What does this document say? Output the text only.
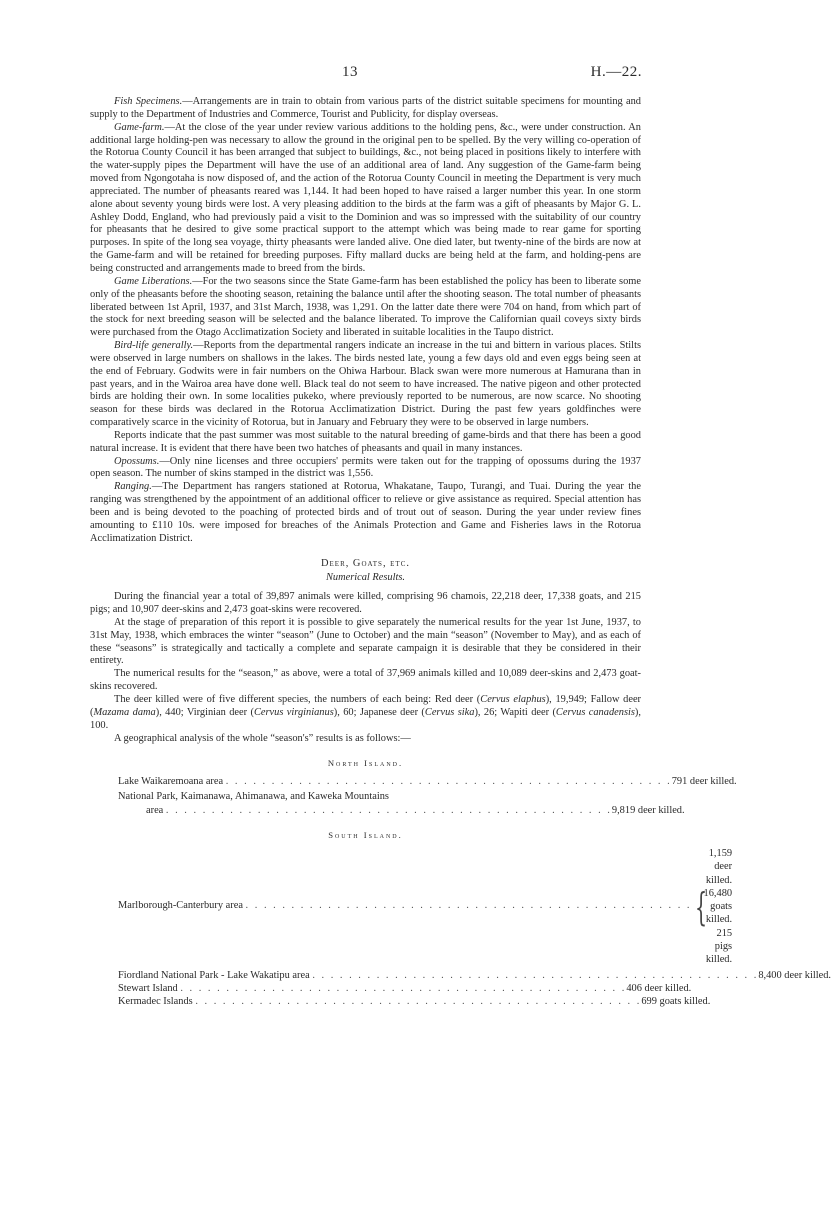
13	H.—22.

Fish Specimens.—Arrangements are in train to obtain from various parts of the district suitable specimens for mounting and supply to the Department of Industries and Commerce, Tourist and Publicity, for display overseas.

Game-farm.—At the close of the year under review various additions to the holding pens, &c., were under construction. An additional large holding-pen was necessary to allow the ground in the original pen to be spelled. By the very willing co-operation of the Rotorua County Council it has been arranged that subject to buildings, &c., not being placed in positions likely to interfere with the water-supply pipes the Department will have the use of an additional area of land. Any suggestion of the Game-farm being moved from Ngongotaha is now disposed of, and the action of the Rotorua County Council in meeting the Department is very much appreciated. The number of pheasants reared was 1,144. It had been hoped to have raised a larger number this year. In one storm alone about seventy young birds were lost. A very pleasing addition to the birds at the farm was a gift of pheasants by Major G. L. Ashley Dodd, England, who had previously paid a visit to the Dominion and was so impressed with the suitability of our country for pheasants that he desired to give some practical support to the attempt which was being made to rear game for sporting purposes. In spite of the long sea voyage, thirty pheasants were landed alive. One died later, but twenty-nine of the birds are now at the Game-farm and will be retained for breeding purposes. Fifty mallard ducks are being held at the farm, and holding-pens are being constructed and arrangements made to breed from the birds.

Game Liberations.—For the two seasons since the State Game-farm has been established the policy has been to liberate some only of the pheasants before the shooting season, retaining the balance until after the shooting season. The total number of pheasants liberated between 1st April, 1937, and 31st March, 1938, was 1,291. On the latter date there were 704 on hand, from which part of the stock for next breeding season will be selected and the balance liberated. To improve the Californian quail coveys sixty birds were purchased from the Otago Acclimatization Society and liberated in suitable localities in the Taupo district.

Bird-life generally.—Reports from the departmental rangers indicate an increase in the tui and bittern in various places. Stilts were observed in large numbers on shallows in the lakes. The birds nested late, young a few days old and even eggs being seen at the end of February. Godwits were in fair numbers on the Ohiwa Harbour. Black swan were more numerous at Hamurana than in past years, and in the Wairoa area have done well. Black teal do not seem to have increased. The native pigeon and other protected birds are holding their own. In some localities pukeko, where previously reported to be numerous, are now scarce. No shooting season for these birds was declared in the Rotorua Acclimatization District. During the past few years goldfinches were comparatively scarce in the vicinity of Rotorua, but in January and February they were to be observed in large numbers.

Reports indicate that the past summer was most suitable to the natural breeding of game-birds and that there has been a good natural increase. It is evident that there have been two hatches of pheasants and quail in many instances.

Opossums.—Only nine licenses and three occupiers' permits were taken out for the trapping of opossums during the 1937 open season. The number of skins stamped in the district was 1,556.

Ranging.—The Department has rangers stationed at Rotorua, Whakatane, Taupo, Turangi, and Tuai. During the year the ranging was strengthened by the appointment of an additional officer to relieve or give assistance as required. Special attention has been and is being devoted to the poaching of protected birds and of trout out of season. During the year under review fines amounting to £110 10s. were imposed for breaches of the Animals Protection and Game and Fisheries laws in the Rotorua Acclimatization District.

Deer, Goats, etc.
Numerical Results.

During the financial year a total of 39,897 animals were killed, comprising 96 chamois, 22,218 deer, 17,338 goats, and 215 pigs; and 10,907 deer-skins and 2,473 goat-skins were recovered.

At the stage of preparation of this report it is possible to give separately the numerical results for the year 1st June, 1937, to 31st May, 1938, which embraces the winter “season” (June to October) and the main “season” (November to May), and as each of these “seasons” is strategically and tactically a complete and separate campaign it is desirable that they be considered in their entirety.

The numerical results for the “season,” as above, were a total of 37,969 animals killed and 10,089 deer-skins and 2,473 goat-skins recovered.

The deer killed were of five different species, the numbers of each being: Red deer (Cervus elaphus), 19,949; Fallow deer (Mazama dama), 440; Virginian deer (Cervus virginianus), 60; Japanese deer (Cervus sika), 26; Wapiti deer (Cervus canadensis), 100.

A geographical analysis of the whole “season's” results is as follows:—

North Island.
Lake Waikaremoana area . . . . . . . . . . . . . . . . . . . . . . . . . . . . . . . . . . . . . . . . . . . . . . . . . 791 deer killed.
National Park, Kaimanawa, Ahimanawa, and Kaweka Mountains
area . . . . . . . . . . . . . . . . . . . . . . . . . . . . . . . . . . . . . . . . . . . . . . . . . 9,819 deer killed.
South Island.
Marlborough-Canterbury area . . . . . . . . . . . . . . . . . . . . . . . . . . . . . . . . . . . . . . . . . . . . . . . . . {
1,159 deer killed.
16,480 goats killed.
215 pigs killed.
Fiordland National Park - Lake Wakatipu area . . . . . . . . . . . . . . . . . . . . . . . . . . . . . . . . . . . . . . . . . . . . . . . . . 8,400 deer killed.
Stewart Island . . . . . . . . . . . . . . . . . . . . . . . . . . . . . . . . . . . . . . . . . . . . . . . . . 406 deer killed.
Kermadec Islands . . . . . . . . . . . . . . . . . . . . . . . . . . . . . . . . . . . . . . . . . . . . . . . . . 699 goats killed.
